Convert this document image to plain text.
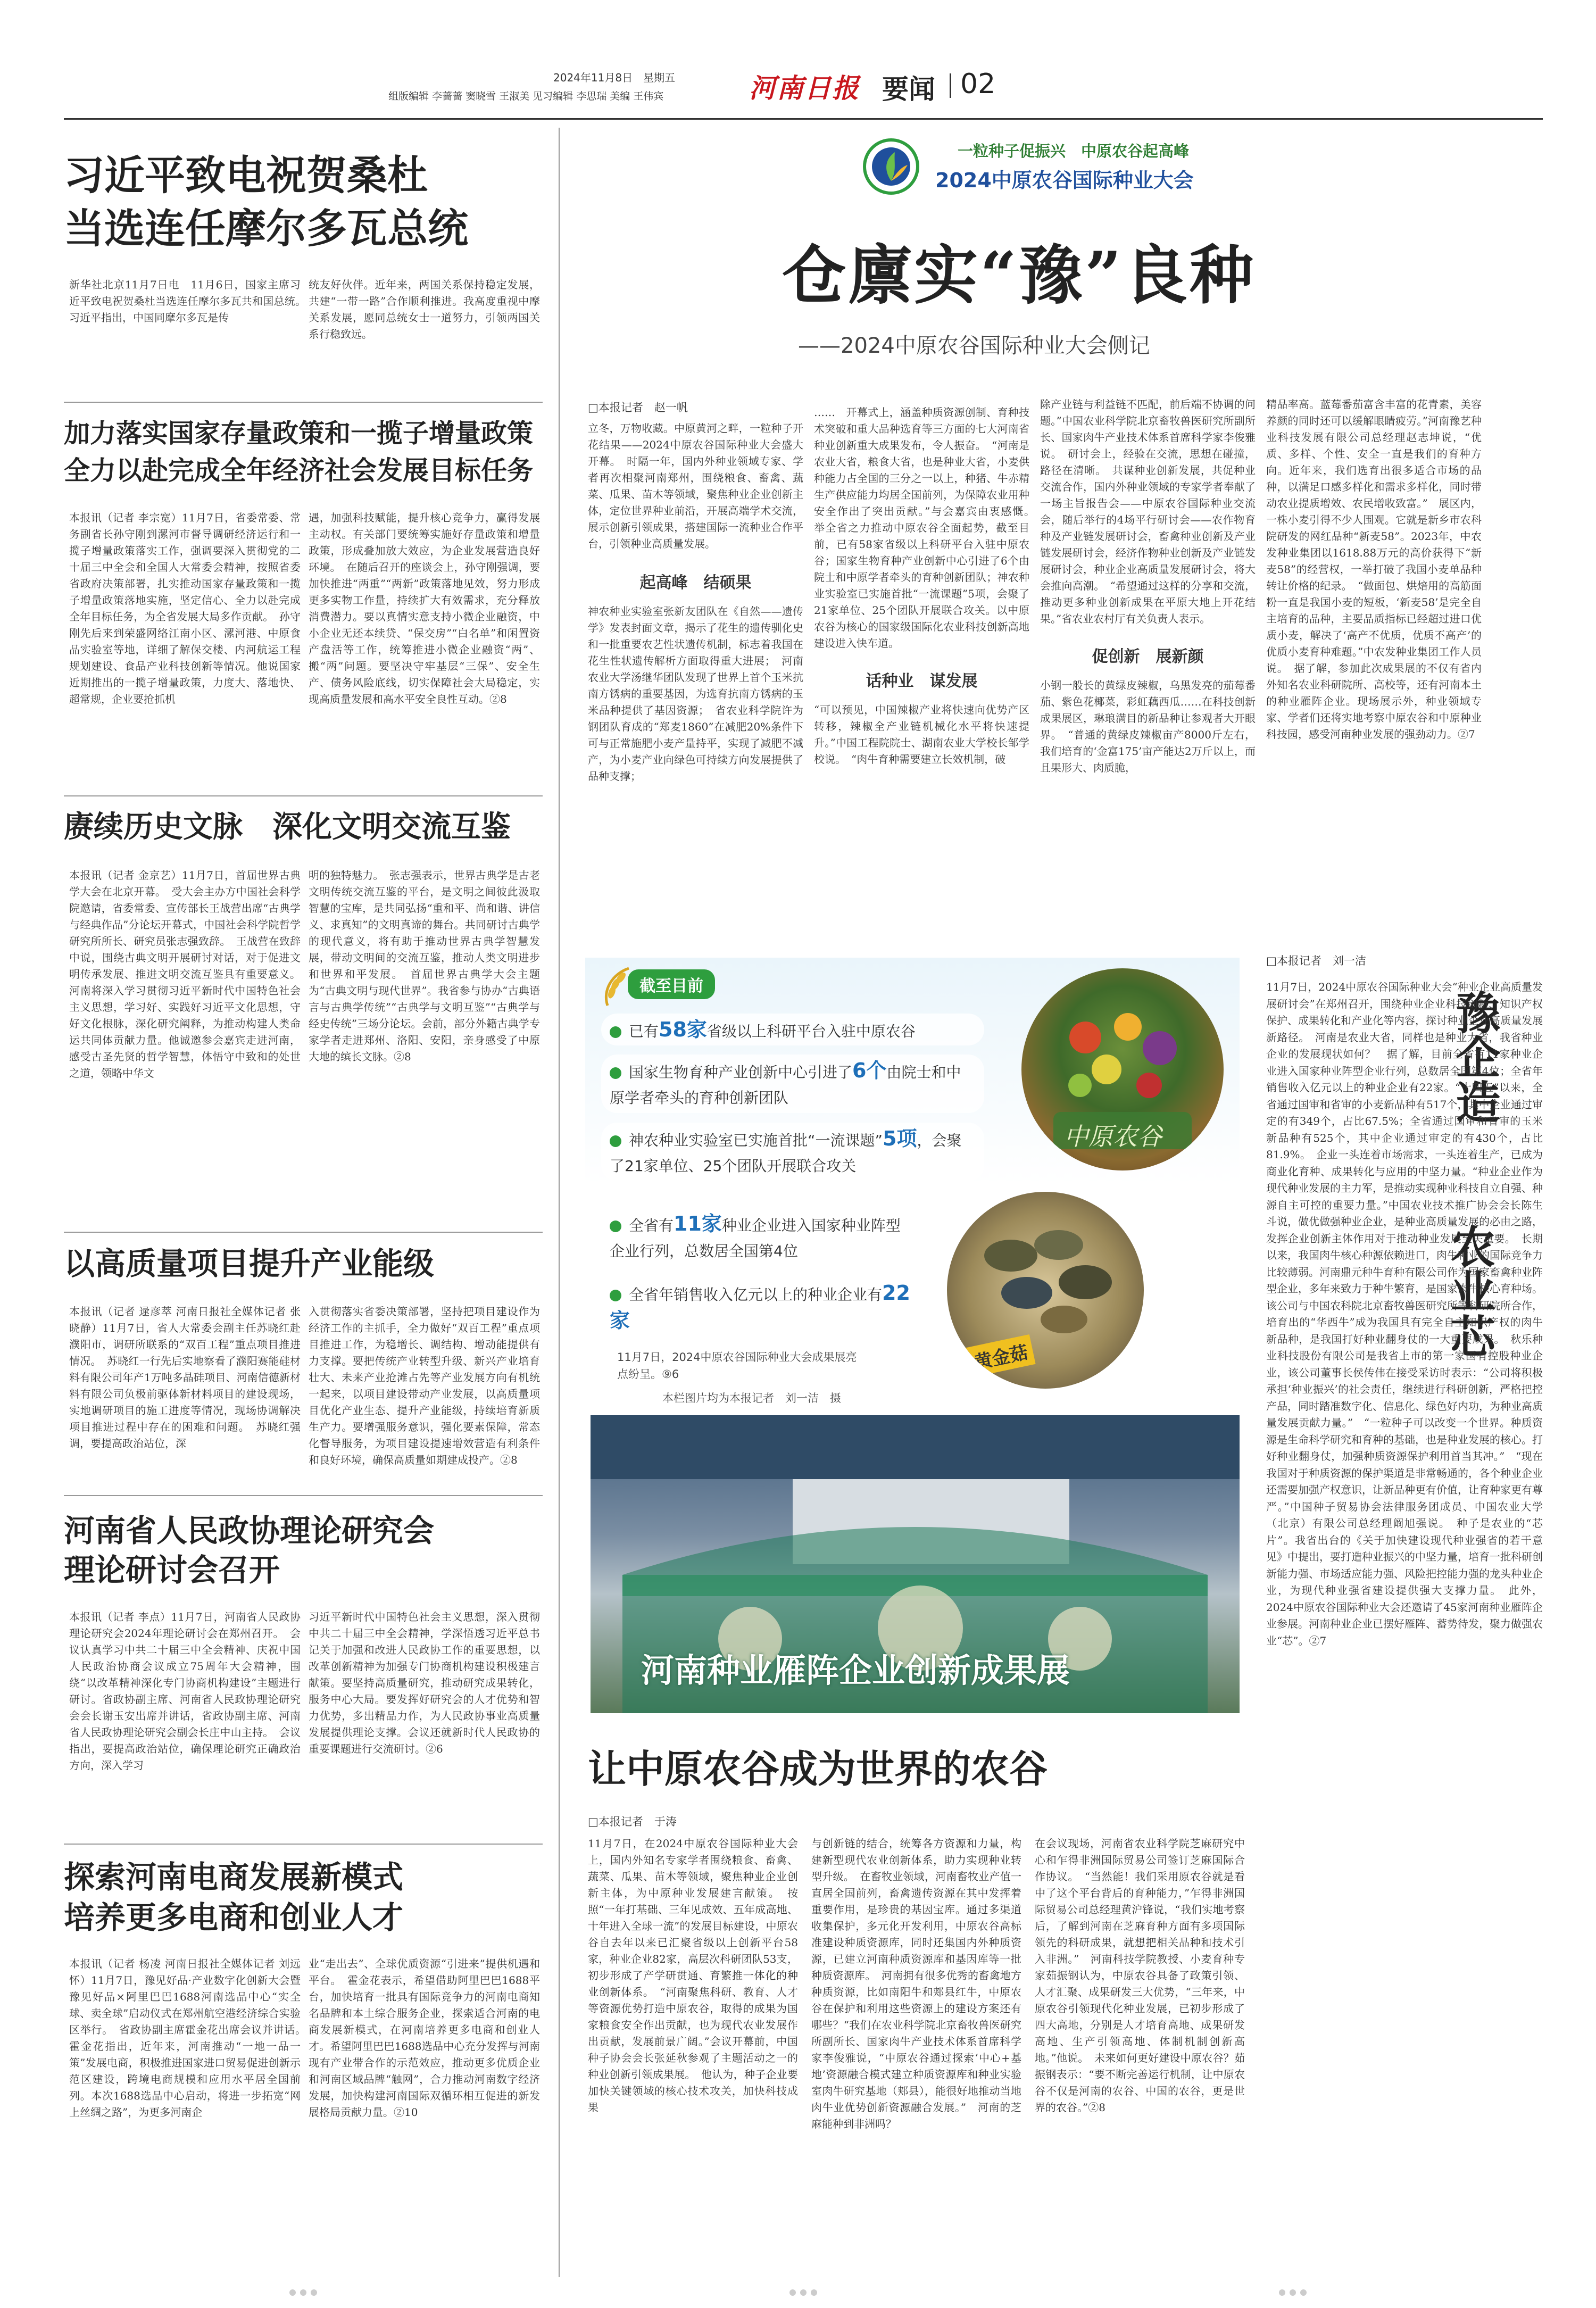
2024年11月8日　星期五
组版编辑 李蔷蔷 窦晓雪 王淑美 见习编辑 李思瑞 美编 王伟宾	河南日报 要闻 02
习近平致电祝贺桑杜
当选连任摩尔多瓦总统
新华社北京11月7日电　11月6日，国家主席习近平致电祝贺桑杜当选连任摩尔多瓦共和国总统。　习近平指出，中国同摩尔多瓦是传
统友好伙伴。近年来，两国关系保持稳定发展，共建“一带一路”合作顺利推进。我高度重视中摩关系发展，愿同总统女士一道努力，引领两国关系行稳致远。
加力落实国家存量政策和一揽子增量政策
全力以赴完成全年经济社会发展目标任务
本报讯（记者 李宗宽）11月7日，省委常委、常务副省长孙守刚到漯河市督导调研经济运行和一揽子增量政策落实工作，强调要深入贯彻党的二十届三中全会和全国人大常委会精神，按照省委省政府决策部署，扎实推动国家存量政策和一揽子增量政策落地实施，坚定信心、全力以赴完成全年目标任务，为全省发展大局多作贡献。　孙守刚先后来到荣盛网络江南小区、漯河港、中原食品实验室等地，详细了解保交楼、内河航运工程规划建设、食品产业科技创新等情况。他说国家近期推出的一揽子增量政策，力度大、落地快、超常规，企业要抢抓机
遇，加强科技赋能，提升核心竞争力，赢得发展主动权。有关部门要统筹实施好存量政策和增量政策，形成叠加放大效应，为企业发展营造良好环境。　在随后召开的座谈会上，孙守刚强调，要加快推进“两重”“两新”政策落地见效，努力形成更多实物工作量，持续扩大有效需求，充分释放消费潜力。要以真情实意支持小微企业融资，中小企业无还本续贷、“保交房”“白名单”和闲置资产盘活等工作，统筹推进小微企业融资“两”、搬“两”问题。要坚决守牢基层“三保”、安全生产、债务风险底线，切实保障社会大局稳定，实现高质量发展和高水平安全良性互动。②8
赓续历史文脉　深化文明交流互鉴
本报讯（记者 金京艺）11月7日，首届世界古典学大会在北京开幕。　受大会主办方中国社会科学院邀请，省委常委、宣传部长王战营出席“古典学与经典作品”分论坛开幕式，中国社会科学院哲学研究所所长、研究员张志强致辞。　王战营在致辞中说，围绕古典文明开展研讨对话，对于促进文明传承发展、推进文明交流互鉴具有重要意义。河南将深入学习贯彻习近平新时代中国特色社会主义思想，学习好、实践好习近平文化思想，守好文化根脉，深化研究阐释，为推动构建人类命运共同体贡献力量。他诚邀参会嘉宾走进河南，感受古圣先贤的哲学智慧，体悟守中致和的处世之道，领略中华文
明的独特魅力。　张志强表示，世界古典学是古老文明传统交流互鉴的平台，是文明之间彼此汲取智慧的宝库，是共同弘扬“重和平、尚和谐、讲信义、求真知”的文明真谛的舞台。共同研讨古典学的现代意义，将有助于推动世界古典学智慧发展，带动文明间的交流互鉴，推动人类文明进步和世界和平发展。　首届世界古典学大会主题为“古典文明与现代世界”。我省参与协办“古典语言与古典学传统”“古典学与文明互鉴”“古典学与经史传统”三场分论坛。会前，部分外籍古典学专家学者走进郑州、洛阳、安阳，亲身感受了中原大地的缤长文脉。②8
以高质量项目提升产业能级
本报讯（记者 逯彦萃 河南日报社全媒体记者 张晓静）11月7日，省人大常委会副主任苏晓红赴濮阳市，调研所联系的“双百工程”重点项目推进情况。　苏晓红一行先后实地察看了濮阳赛能硅材料有限公司年产1万吨多晶硅项目、河南信德新材料有限公司负极前驱体新材料项目的建设现场，实地调研项目的施工进度等情况，现场协调解决项目推进过程中存在的困难和问题。　苏晓红强调，要提高政治站位，深
入贯彻落实省委决策部署，坚持把项目建设作为经济工作的主抓手，全力做好“双百工程”重点项目推进工作，为稳增长、调结构、增动能提供有力支撑。要把传统产业转型升级、新兴产业培育壮大、未来产业抢滩占先等产业发展方向有机统一起来，以项目建设带动产业发展，以高质量项目优化产业生态、提升产业能级，持续培育新质生产力。要增强服务意识，强化要素保障，常态化督导服务，为项目建设提速增效营造有利条件和良好环境，确保高质量如期建成投产。②8
河南省人民政协理论研究会
理论研讨会召开
本报讯（记者 李点）11月7日，河南省人民政协理论研究会2024年理论研讨会在郑州召开。　会议认真学习中共二十届三中全会精神、庆祝中国人民政治协商会议成立75周年大会精神，围绕“以改革精神深化专门协商机构建设”主题进行研讨。省政协副主席、河南省人民政协理论研究会会长谢玉安出席并讲话，省政协副主席、河南省人民政协理论研究会副会长庄中山主持。　会议指出，要提高政治站位，确保理论研究正确政治方向，深入学习
习近平新时代中国特色社会主义思想，深入贯彻中共二十届三中全会精神，学深悟透习近平总书记关于加强和改进人民政协工作的重要思想，以改革创新精神为加强专门协商机构建设积极建言献策。要坚持高质量研究，推动研究成果转化，服务中心大局。要发挥好研究会的人才优势和智力优势，多出精品力作，为人民政协事业高质量发展提供理论支撑。会议还就新时代人民政协的重要课题进行交流研讨。②6
探索河南电商发展新模式
培养更多电商和创业人才
本报讯（记者 杨凌 河南日报社全媒体记者 刘远怀）11月7日，豫见好品·产业数字化创新大会暨豫见好品×阿里巴巴1688河南选品中心“实全球、卖全球”启动仪式在郑州航空港经济综合实验区举行。　省政协副主席霍金花出席会议并讲话。　霍金花指出，近年来，河南推动“一地一品一策”发展电商，积极推进国家进口贸易促进创新示范区建设，跨境电商规模和应用水平居全国前列。本次1688选品中心启动，将进一步拓宽“网上丝绸之路”，为更多河南企
业“走出去”、全球优质资源“引进来”提供机遇和平台。　霍金花表示，希望借助阿里巴巴1688平台，加快培育一批具有国际竞争力的河南电商知名品牌和本土综合服务企业，探索适合河南的电商发展新模式，在河南培养更多电商和创业人才。希望阿里巴巴1688选品中心充分发挥与河南现有产业带合作的示范效应，推动更多优质企业和河南区域品牌“触网”，合力推动河南数字经济发展，加快构建河南国际双循环相互促进的新发展格局贡献力量。②10
一粒种子促振兴　中原农谷起高峰
2024中原农谷国际种业大会
仓廪实“豫”良种
——2024中原农谷国际种业大会侧记
□本报记者　赵一帆
立冬，万物收藏。中原黄河之畔，一粒种子开花结果——2024中原农谷国际种业大会盛大开幕。　时隔一年，国内外种业领域专家、学者再次相聚河南郑州，围绕粮食、畜禽、蔬菜、瓜果、苗木等领域，聚焦种业企业创新主体，定位世界种业前沿，开展高端学术交流，展示创新引领成果，搭建国际一流种业合作平台，引领种业高质量发展。
起高峰　结硕果
神农种业实验室张新友团队在《自然——遗传学》发表封面文章，揭示了花生的遗传驯化史和一批重要农艺性状遗传机制，标志着我国在花生性状遗传解析方面取得重大进展；　河南农业大学汤继华团队发现了世界上首个玉米抗南方锈病的重要基因，为选育抗南方锈病的玉米品种提供了基因资源；　省农业科学院许为钢团队育成的“郑麦1860”在减肥20%条件下可与正常施肥小麦产量持平，实现了减肥不减产，为小麦产业向绿色可持续方向发展提供了品种支撑；
……　开幕式上，涵盖种质资源创制、育种技术突破和重大品种选育等三方面的七大河南省种业创新重大成果发布，令人振奋。　“河南是农业大省，粮食大省，也是种业大省，小麦供种能力占全国的三分之一以上，种猪、牛赤精生产供应能力均居全国前列，为保障农业用种安全作出了突出贡献。”与会嘉宾由衷感慨。　举全省之力推动中原农谷全面起势，截至目前，已有58家省级以上科研平台入驻中原农谷；国家生物育种产业创新中心引进了6个由院士和中原学者牵头的育种创新团队；神农种业实验室已实施首批“一流课题”5项，会聚了21家单位、25个团队开展联合攻关。以中原农谷为核心的国家级国际化农业科技创新高地建设进入快车道。
话种业　谋发展
“可以预见，中国辣椒产业将快速向优势产区转移，辣椒全产业链机械化水平将快速提升。”中国工程院院士、湖南农业大学校长邹学校说。　“肉牛育种需要建立长效机制，破
除产业链与利益链不匹配，前后端不协调的问题。”中国农业科学院北京畜牧兽医研究所副所长、国家肉牛产业技术体系首席科学家李俊雅说。　研讨会上，经验在交流，思想在碰撞，路径在清晰。　共谋种业创新发展，共促种业交流合作，国内外种业领域的专家学者奉献了一场主旨报告会——中原农谷国际种业交流会，随后举行的4场平行研讨会——农作物育种及产业链发展研讨会，畜禽种业创新及产业链发展研讨会，经济作物种业创新及产业链发展研讨会，种业企业高质量发展研讨会，将大会推向高潮。　“希望通过这样的分享和交流，推动更多种业创新成果在平原大地上开花结果。”省农业农村厅有关负责人表示。
促创新　展新颜
小钢一般长的黄绿皮辣椒，乌黑发亮的茄莓番茄、紫色花椰菜，彩虹藕西瓜……在科技创新成果展区，琳琅满目的新品种让参观者大开眼界。　“普通的黄绿皮辣椒亩产8000斤左右，我们培育的‘金富175’亩产能达2万斤以上，而且果形大、肉质脆，
精品率高。蓝莓番茄富含丰富的花青素，美容养颜的同时还可以缓解眼睛疲劳。”河南豫艺种业科技发展有限公司总经理赵志坤说，“优质、多样、个性、安全一直是我们的育种方向。近年来，我们选育出很多适合市场的品种，以满足口感多样化和需求多样化，同时带动农业提质增效、农民增收致富。”　展区内，一株小麦引得不少人围观。它就是新乡市农科院研发的网红品种“新麦58”。2023年，中农发种业集团以1618.88万元的高价获得下“新麦58”的经营权，一举打破了我国小麦单品种转让价格的纪录。　“做面包、烘焙用的高筋面粉一直是我国小麦的短板，‘新麦58’是完全自主培育的品种，主要品质指标已经超过进口优质小麦，解决了‘高产不优质，优质不高产’的优质小麦育种难题。”中农发种业集团工作人员说。　据了解，参加此次成果展的不仅有省内外知名农业科研院所、高校等，还有河南本土的种业雁阵企业。现场展示外，种业领域专家、学者们还将实地考察中原农谷和中原种业科技园，感受河南种业发展的强劲动力。②7
截至目前
已有58家省级以上科研平台入驻中原农谷
国家生物育种产业创新中心引进了6个由院士和中原学者牵头的育种创新团队
神农种业实验室已实施首批“一流课题”5项，会聚了21家单位、25个团队开展联合攻关
中原农谷
全省有11家种业企业进入国家种业阵型企业行列，总数居全国第4位
全省年销售收入亿元以上的种业企业有22家
黄金菇
11月7日，2024中原农谷国际种业大会成果展亮点纷呈。⑨6
本栏图片均为本报记者　刘一洁　摄
河南种业雁阵企业创新成果展
□本报记者　刘一洁
豫企造
农业芯
11月7日，2024中原农谷国际种业大会“种业企业高质量发展研讨会”在郑州召开，围绕种业企业科技创新、知识产权保护、成果转化和产业化等内容，探讨种业企业高质量发展新路径。　河南是农业大省，同样也是种业大省，我省种业企业的发展现状如何？　据了解，目前全省有11家种业企业进入国家种业阵型企业行列，总数居全国第4位；全省年销售收入亿元以上的种业企业有22家。“十四五”以来，全省通过国审和省审的小麦新品种有517个，其中企业通过审定的有349个，占比67.5%；全省通过国审和省审的玉米新品种有525个，其中企业通过审定的有430个，占比81.9%。　企业一头连着市场需求，一头连着生产，已成为商业化育种、成果转化与应用的中坚力量。“种业企业作为现代种业发展的主力军，是推动实现种业科技自立自强、种源自主可控的重要力量。”中国农业技术推广协会会长陈生斗说，做优做强种业企业，是种业高质量发展的必由之路，发挥企业创新主体作用对于推动种业发展至关重要。　长期以来，我国肉牛核心种源依赖进口，肉牛种业的国际竞争力比较薄弱。河南鼎元种牛育种有限公司作为国家畜禽种业阵型企业，多年来致力于种牛繁育，是国家肉牛核心育种场。该公司与中国农科院北京畜牧兽医研究所等科研院所合作，培育出的“华西牛”成为我国具有完全自主知识产权的肉牛新品种，是我国打好种业翻身仗的一大重要成果。　秋乐种业科技股份有限公司是我省上市的第一家国有控股种业企业，该公司董事长侯传伟在接受采访时表示：“公司将积极承担‘种业振兴’的社会责任，继续进行科研创新，严格把控产品，同时踏准数字化、信息化、绿色好内功，为种业高质量发展贡献力量。”　“一粒种子可以改变一个世界。种质资源是生命科学研究和育种的基础，也是种业发展的核心。打好种业翻身仗，加强种质资源保护利用首当其冲。”　“现在我国对于种质资源的保护渠道是非常畅通的，各个种业企业还需要加强产权意识，让新品种更有价值，让育种家更有尊严。”中国种子贸易协会法律服务团成员、中国农业大学（北京）有限公司总经理阚旭强说。　种子是农业的“芯片”。我省出台的《关于加快建设现代种业强省的若干意见》中提出，要打造种业振兴的中坚力量，培育一批科研创新能力强、市场适应能力强、风险把控能力强的龙头种业企业，为现代种业强省建设提供强大支撑力量。　此外，2024中原农谷国际种业大会还邀请了45家河南种业雁阵企业参展。河南种业企业已摆好雁阵、蓄势待发，聚力做强农业“芯”。②7
让中原农谷成为世界的农谷
□本报记者　于涛
11月7日，在2024中原农谷国际种业大会上，国内外知名专家学者围绕粮食、畜禽、蔬菜、瓜果、苗木等领域，聚焦种业企业创新主体，为中原种业发展建言献策。　按照“一年打基础、三年见成效、五年成高地、十年进入全球一流”的发展目标建设，中原农谷自去年以来已汇聚省级以上创新平台58家，种业企业82家，高层次科研团队53支，初步形成了产学研贯通、育繁推一体化的种业创新体系。　“河南聚焦科研、教育、人才等资源优势打造中原农谷，取得的成果为国家粮食安全作出贡献，也为现代农业发展作出贡献，发展前景广阔。”会议开幕前，中国种子协会会长张延秋参观了主题活动之一的种业创新引领成果展。　他认为，种子企业要加快关键领域的核心技术攻关，加快科技成果
与创新链的结合，统筹各方资源和力量，构建新型现代农业创新体系，助力实现种业转型升级。　在畜牧业领域，河南畜牧业产值一直居全国前列，畜禽遗传资源在其中发挥着重要作用，是珍贵的基因宝库。通过多渠道收集保护，多元化开发利用，中原农谷高标准建设种质资源库，同时还集国内外种质资源，已建立河南种质资源库和基因库等一批种质资源库。　河南拥有很多优秀的畜禽地方种质资源，比如南阳牛和郏县红牛，中原农谷在保护和利用这些资源上的建设方案还有哪些？“我们在农业科学院北京畜牧兽医研究所副所长、国家肉牛产业技术体系首席科学家李俊雅说，“中原农谷通过探索‘中心+基地’资源融合模式建立种质资源库和种业实验室肉牛研究基地（郏县），能很好地推动当地肉牛业优势创新资源融合发展。”　河南的芝麻能种到非洲吗？
在会议现场，河南省农业科学院芝麻研究中心和乍得非洲国际贸易公司签订芝麻国际合作协议。　“当然能！我们采用原农谷就是看中了这个平台背后的育种能力，”乍得非洲国际贸易公司总经理黄沪锋说，“我们实地考察后，了解到河南在芝麻育种方面有多项国际领先的科研成果，就想把相关品种和技术引入非洲。”　河南科技学院教授、小麦育种专家茹振钢认为，中原农谷具备了政策引领、人才汇聚、成果研发三大优势，“三年来，中原农谷引领现代化种业发展，已初步形成了四大高地，分别是人才培育高地、成果研发高地、生产引领高地、体制机制创新高地。”他说。　未来如何更好建设中原农谷？茹振钢表示：“要不断完善运行机制，让中原农谷不仅是河南的农谷、中国的农谷，更是世界的农谷。”②8
